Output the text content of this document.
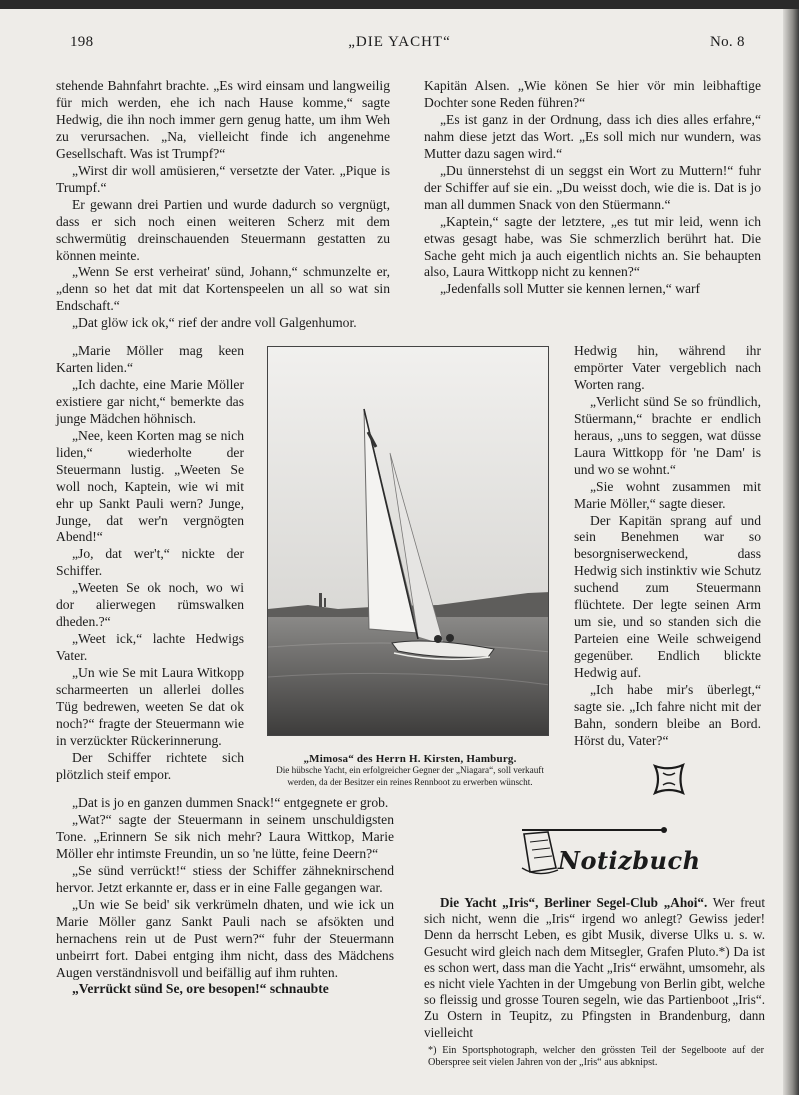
198	„DIE YACHT“	No. 8

stehende Bahnfahrt brachte. „Es wird einsam und langweilig für mich werden, ehe ich nach Hause komme,“ sagte Hedwig, die ihn noch immer gern genug hatte, um ihm Weh zu verursachen. „Na, vielleicht finde ich angenehme Gesellschaft. Was ist Trumpf?“

„Wirst dir woll amüsieren,“ versetzte der Vater. „Pique is Trumpf.“

Er gewann drei Partien und wurde dadurch so vergnügt, dass er sich noch einen weiteren Scherz mit dem schwermütig dreinschauenden Steuermann gestatten zu können meinte.

„Wenn Se erst verheirat' sünd, Johann,“ schmunzelte er, „denn so het dat mit dat Kortenspeelen un all so wat sin Endschaft.“

„Dat glöw ick ok,“ rief der andre voll Galgenhumor.

„Marie Möller mag keen Karten liden.“

„Ich dachte, eine Marie Möller existiere gar nicht,“ bemerkte das junge Mädchen höhnisch.

„Nee, keen Korten mag se nich liden,“ wiederholte der Steuermann lustig. „Weeten Se woll noch, Kaptein, wie wi mit ehr up Sankt Pauli wern? Junge, Junge, dat wer'n vergnögten Abend!“

„Jo, dat wer't,“ nickte der Schiffer.

„Weeten Se ok noch, wo wi dor alierwegen rümswalken dheden.?“

„Weet ick,“ lachte Hedwigs Vater.

„Un wie Se mit Laura Witkopp scharmeerten un allerlei dolles Tüg bedrewen, weeten Se dat ok noch?“ fragte der Steuermann wie in verzückter Rückerinnerung.

Der Schiffer richtete sich plötzlich steif empor.

„Dat is jo en ganzen dummen Snack!“ entgegnete er grob.

„Wat?“ sagte der Steuermann in seinem unschuldigsten Tone. „Erinnern Se sik nich mehr? Laura Wittkop, Marie Möller ehr intimste Freundin, un so 'ne lütte, feine Deern?“

„Se sünd verrückt!“ stiess der Schiffer zähneknirschend hervor. Jetzt erkannte er, dass er in eine Falle gegangen war.

„Un wie Se beid' sik verkrümeln dhaten, und wie ick un Marie Möller ganz Sankt Pauli nach se afsökten und hernachens rein ut de Pust wern?“ fuhr der Steuermann unbeirrt fort. Dabei entging ihm nicht, dass des Mädchens Augen verständnisvoll und beifällig auf ihm ruhten.

„Verrückt sünd Se, ore besopen!“ schnaubte

Kapitän Alsen. „Wie könen Se hier vör min leibhaftige Dochter sone Reden führen?“

„Es ist ganz in der Ordnung, dass ich dies alles erfahre,“ nahm diese jetzt das Wort. „Es soll mich nur wundern, was Mutter dazu sagen wird.“

„Du ünnerstehst di un seggst ein Wort zu Muttern!“ fuhr der Schiffer auf sie ein. „Du weisst doch, wie die is. Dat is jo man all dummen Snack von den Stüermann.“

„Kaptein,“ sagte der letztere, „es tut mir leid, wenn ich etwas gesagt habe, was Sie schmerzlich berührt hat. Die Sache geht mich ja auch eigentlich nichts an. Sie behaupten also, Laura Wittkopp nicht zu kennen?“

„Jedenfalls soll Mutter sie kennen lernen,“ warf

Hedwig hin, während ihr empörter Vater vergeblich nach Worten rang.

„Verlicht sünd Se so fründlich, Stüermann,“ brachte er endlich heraus, „uns to seggen, wat düsse Laura Wittkopp för 'ne Dam' is und wo se wohnt.“

„Sie wohnt zusammen mit Marie Möller,“ sagte dieser.

Der Kapitän sprang auf und sein Benehmen war so besorgniserweckend, dass Hedwig sich instinktiv wie Schutz suchend zum Steuermann flüchtete. Der legte seinen Arm um sie, und so standen sich die Parteien eine Weile schweigend gegenüber. Endlich blickte Hedwig auf.

„Ich habe mir's überlegt,“ sagte sie. „Ich fahre nicht mit der Bahn, sondern bleibe an Bord. Hörst du, Vater?“

„Mimosa“ des Herrn H. Kirsten, Hamburg.
Die hübsche Yacht, ein erfolgreicher Gegner der „Niagara“, soll verkauft werden, da der Besitzer ein reines Rennboot zu erwerben wünscht.
Notizbuch

Die Yacht „Iris“, Berliner Segel-Club „Ahoi“. Wer freut sich nicht, wenn die „Iris“ irgend wo anlegt? Gewiss jeder! Denn da herrscht Leben, es gibt Musik, diverse Ulks u. s. w. Gesucht wird gleich nach dem Mitsegler, Grafen Pluto.*) Da ist es schon wert, dass man die Yacht „Iris“ erwähnt, umsomehr, als es nicht viele Yachten in der Umgebung von Berlin gibt, welche so fleissig und grosse Touren segeln, wie das Partienboot „Iris“. Zu Ostern in Teupitz, zu Pfingsten in Brandenburg, dann vielleicht

*) Ein Sportsphotograph, welcher den grössten Teil der Segelboote auf der Oberspree seit vielen Jahren von der „Iris“ aus abknipst.
